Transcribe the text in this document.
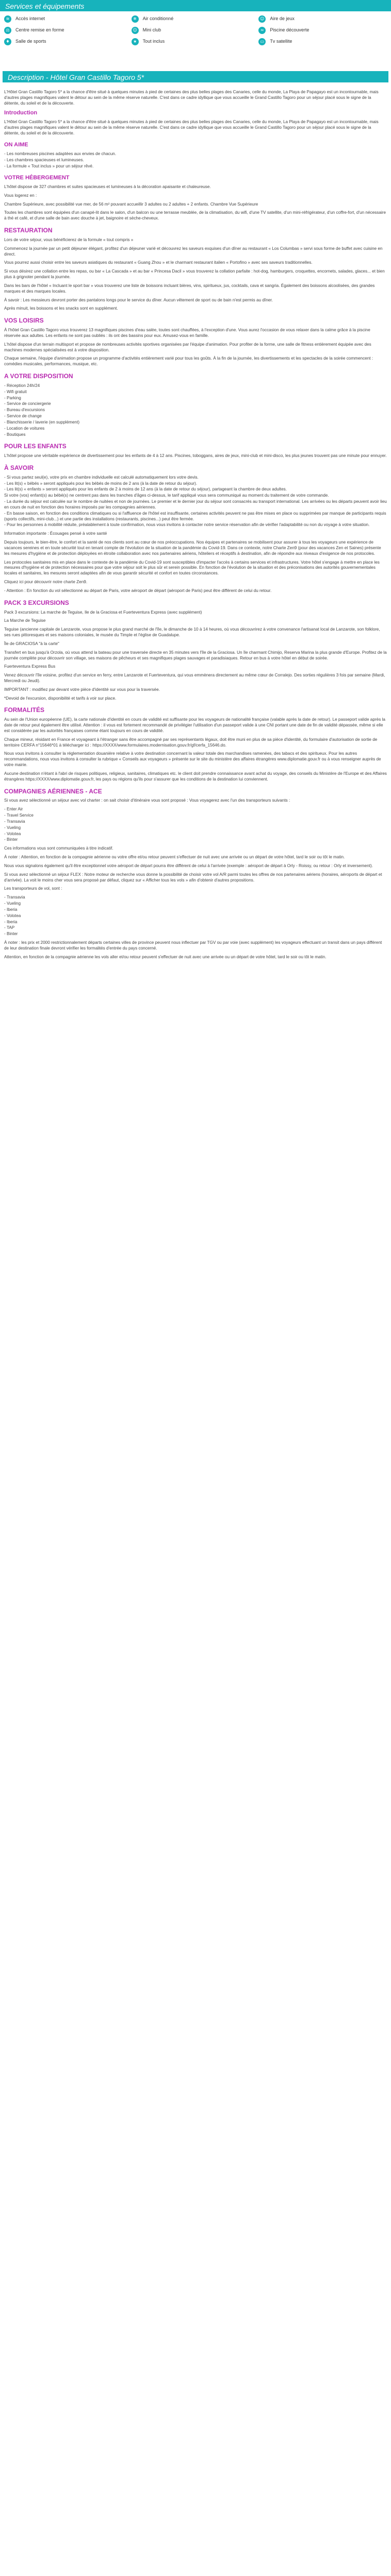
Services et équipements
≋	Accès internet	❄	Air conditionné	☺	Aire de jeux
⚖	Centre remise en forme	☺	Mini club	≈	Piscine découverte
♦	Salle de sports	★	Tout inclus	▭	Tv satellite
Description - Hôtel Gran Castillo Tagoro 5*

L'Hôtel Gran Castillo Tagoro 5* a la chance d'être situé à quelques minutes à pied de certaines des plus belles plages des Canaries, celle du monde, La Playa de Papagayo est un incontournable, mais d'autres plages magnifiques valent le détour au sein de la même réserve naturelle. C'est dans ce cadre idyllique que vous accueille le Grand Castillo Tagoro pour un séjour placé sous le signe de la détente, du soleil et de la découverte.

Introduction

L'Hôtel Gran Castillo Tagoro 5* a la chance d'être situé à quelques minutes à pied de certaines des plus belles plages des Canaries, celle du monde, La Playa de Papagayo est un incontournable, mais d'autres plages magnifiques valent le détour au sein de la même réserve naturelle. C'est dans ce cadre idyllique que vous accueille le Grand Castillo Tagoro pour un séjour placé sous le signe de la détente, du soleil et de la découverte.

ON AIME
- Les nombreuses piscines adaptées aux envies de chacun.
- Les chambres spacieuses et lumineuses.
- La formule « Tout inclus » pour un séjour rêvé.
VOTRE HÉBERGEMENT

L'hôtel dispose de 327 chambres et suites spacieuses et lumineuses à la décoration apaisante et chaleureuse.

Vous logerez en :

Chambre Supérieure, avec possibilité vue mer, de 56 m² pouvant accueillir 3 adultes ou 2 adultes + 2 enfants. Chambre Vue Supérieure

Toutes les chambres sont équipées d'un canapé-lit dans le salon, d'un balcon ou une terrasse meublée, de la climatisation, du wifi, d'une TV satellite, d'un mini-réfrigérateur, d'un coffre-fort, d'un nécessaire à thé et café, et d'une salle de bain avec douche à jet, baignoire et sèche-cheveux.

RESTAURATION

Lors de votre séjour, vous bénéficierez de la formule « tout compris »

Commencez la journée par un petit déjeuner élégant, profitez d'un déjeuner varié et découvrez les saveurs exquises d'un dîner au restaurant « Los Columbas » servi sous forme de buffet avec cuisine en direct.

Vous pourrez aussi choisir entre les saveurs asiatiques du restaurant « Guang Zhou » et le charmant restaurant italien « Portofino » avec ses saveurs traditionnelles.

Si vous désirez une collation entre les repas, ou bar « La Cascada » et au bar « Princesa Dacil » vous trouverez la collation parfaite : hot-dog, hamburgers, croquettes, encornets, salades, glaces... et bien plus à grignoter pendant la journée.

Dans les bars de l'hôtel « Incluant le sport bar » vous trouverez une liste de boissons incluant bières, vins, spiritueux, jus, cocktails, cava et sangria. Également des boissons alcoolisées, des grandes marques et des marques locales.

À savoir : Les messieurs devront porter des pantalons longs pour le service du dîner. Aucun vêtement de sport ou de bain n'est permis au dîner.

Après minuit, les boissons et les snacks sont en supplément.

VOS LOISIRS

À l'hôtel Gran Castillo Tagoro vous trouverez 13 magnifiques piscines d'eau salée, toutes sont chauffées, à l'exception d'une. Vous aurez l'occasion de vous relaxer dans la calme grâce à la piscine réservée aux adultes. Les enfants ne sont pas oubliés : ils ont des bassins pour eux. Amusez-vous en famille.

L'hôtel dispose d'un terrain multisport et propose de nombreuses activités sportives organisées par l'équipe d'animation. Pour profiter de la forme, une salle de fitness entièrement équipée avec des machines modernes spécialisées est à votre disposition.

Chaque semaine, l'équipe d'animation propose un programme d'activités entièrement varié pour tous les goûts. À la fin de la journée, les divertissements et les spectacles de la soirée commencent : comédies musicales, performances, musique, etc.

A VOTRE DISPOSITION
- Réception 24h/24
- Wifi gratuit
- Parking
- Service de conciergerie
- Bureau d'excursions
- Service de change
- Blanchisserie / laverie (en supplément)
- Location de voitures
- Boutiques
POUR LES ENFANTS

L'hôtel propose une véritable expérience de divertissement pour les enfants de 4 à 12 ans. Piscines, toboggans, aires de jeux, mini-club et mini-disco, les plus jeunes trouvent pas une minute pour ennuyer.

À SAVOIR
- Si vous partez seul(e), votre prix en chambre individuelle est calculé automatiquement lors votre devis.
- Les lit(s) « bébés » seront appliqués pour les bébés de moins de 2 ans (à la date de retour du séjour).
- Les lit(s) « enfants » seront appliqués pour les enfants de 2 à moins de 12 ans (à la date de retour du séjour), partageant la chambre de deux adultes.
Si votre (vos) enfant(s) au bébé(s) ne centrent pas dans les tranches d'âges ci-dessus, le tarif appliqué vous sera communiqué au moment du traitement de votre commande.
- La durée du séjour est calculée sur le nombre de nuitées et non de journées. Le premier et le dernier jour du séjour sont consacrés au transport international. Les arrivées ou les départs peuvent avoir lieu en cours de nuit en fonction des horaires imposés par les compagnies aériennes.
- En basse saison, en fonction des conditions climatiques ou si l'affluence de l'hôtel est insuffisante, certaines activités peuvent ne pas être mises en place ou supprimées par manque de participants requis (sports collectifs, mini-club...) et une partie des installations (restaurants, piscines...) peut être fermée.
- Pour les personnes à mobilité réduite, préalablement à toute confirmation, nous vous invitons à contacter notre service réservation afin de vérifier l'adaptabilité ou non du voyage à votre situation.

Information importante : Écouages pensé à votre santé

Depuis toujours, le bien-être, le confort et la santé de nos clients sont au cœur de nos préoccupations. Nos équipes et partenaires se mobilisent pour assurer à tous les voyageurs une expérience de vacances sereines et en toute sécurité tout en tenant compte de l'évolution de la situation de la pandémie du Covid-19. Dans ce contexte, notre Charte Zen9 (pour des vacances Zen et Saines) présente les mesures d'hygiène et de protection déployées en étroite collaboration avec nos partenaires aériens, hôteliers et réceptifs à destination, afin de répondre aux niveaux d'exigence de nos protocoles.

Les protocoles sanitaires mis en place dans le contexte de la pandémie du Covid-19 sont susceptibles d'impacter l'accès à certains services et infrastructures. Votre hôtel s'engage à mettre en place les mesures d'hygiène et de protection nécessaires pour que votre séjour soit le plus sûr et serein possible. En fonction de l'évolution de la situation et des préconisations des autorités gouvernementales locales et sanitaires, les mesures seront adaptées afin de vous garantir sécurité et confort en toutes circonstances.

Cliquez ici pour découvrir notre charte Zen9.

- Attention : En fonction du vol sélectionné au départ de Paris, votre aéroport de départ (aéroport de Paris) peut être différent de celui du retour.

PACK 3 EXCURSIONS

Pack 3 excursions: La marche de Teguise, Ile de la Graciosa et Fuerteventura Express (avec supplément)

La Marche de Teguise

Teguise (ancienne capitale de Lanzarote, vous propose le plus grand marché de l'île, le dimanche de 10 à 14 heures, où vous découvrirez à votre convenance l'artisanat local de Lanzarote, son folklore, ses rues pittoresques et ses maisons coloniales, le musée du Timple et l'église de Guadalupe.

Île de GRACIOSA "à la carte"

Transfert en bus jusqu'à Orzola, où vous attend la bateau pour une traversée directe en 35 minutes vers l'île de la Graciosa. Un île charmant Chimijo, Reserva Marina la plus grande d'Europe. Profitez de la journée complète pour découvrir son village, ses maisons de pêcheurs et ses magnifiques plages sauvages et paradisiaques. Retour en bus à votre hôtel en début de soirée.

Fuerteventura Express Bus

Venez découvrir l'île voisine, profitez d'un service en ferry, entre Lanzarote et Fuerteventura, qui vous emmènera directement au même cœur de Corralejo. Des sorties régulières 3 fois par semaine (Mardi, Mercredi ou Jeudi).

IMPORTANT : modifiez par devant votre pièce d'identité sur vous pour la traversée.

*Devoid de l'excursion, disponibilité et tarifs à voir sur place.

FORMALITÉS

Au sein de l'Union européenne (UE), la carte nationale d'identité en cours de validité est suffisante pour les voyageurs de nationalité française (valable après la date de retour). Le passeport valide après la date de retour peut également être utilisé. Attention : il vous est fortement recommandé de privilégier l'utilisation d'un passeport valide à une CNI portant une date de fin de validité dépassée, même si elle est considérée par les autorités françaises comme étant toujours en cours de validité.

Chaque mineur, résidant en France et voyageant à l'étranger sans être accompagné par ses représentants légaux, doit être muni en plus de sa pièce d'identité, du formulaire d'autorisation de sortie de territoire CERFA n°15646*01 à télécharger ici : https://XXXX/www.formulaires.modernisation.gouv.fr/gf/cerfa_15646.do.

Nous vous invitons à consulter la réglementation douanière relative à votre destination concernant la valeur totale des marchandises ramenées, des tabacs et des spiritueux. Pour les autres recommandations, nous vous invitons à consulter la rubrique « Conseils aux voyageurs » présente sur le site du ministère des affaires étrangères www.diplomatie.gouv.fr ou à vous renseigner auprès de votre mairie.

Aucune destination n'étant à l'abri de risques politiques, religieux, sanitaires, climatiques etc. le client doit prendre connaissance avant achat du voyage, des conseils du Ministère de l'Europe et des Affaires étrangères https://XXXX/www.diplomatie.gouv.fr, les pays ou régions qu'ils pour s'assurer que les conditions de la destination lui conviennent.

COMPAGNIES AÉRIENNES - ACE

Si vous avez sélectionné un séjour avec vol charter : on sait choisir d'itinéraire vous sont proposé : Vous voyagerez avec l'un des transporteurs suivants :

- Enter Air
- Travel Service
- Transavia
- Vueling
- Volotea
- Binter

Ces informations vous sont communiquées à titre indicatif.

À noter : Attention, en fonction de la compagnie aérienne ou votre offre et/ou retour peuvent s'effectuer de nuit avec une arrivée ou un départ de votre hôtel, tard le soir ou tôt le matin.

Nous vous signalons également qu'il être exceptionnel votre aéroport de départ pourra être différent de celui à l'arrivée (exemple : aéroport de départ à Orly - Roissy, ou retour : Orly et inversement).

Si vous avez sélectionné un séjour FLEX : Notre moteur de recherche vous donne la possibilité de choisir votre vol A/R parmi toutes les offres de nos partenaires aériens (horaires, aéroports de départ et d'arrivée). La voit le moins cher vous sera proposé par défaut, cliquez sur « Afficher tous les vols » afin d'obtenir d'autres propositions.

Les transporteurs de vol, sont :

- Transavia
- Vueling
- Iberia
- Volotea
- Iberia
- TAP
- Binter

À noter : les prix et 2000 restrictionnalement départs certaines villes de province peuvent nous inflectuer par TGV ou par voie (avec supplément) les voyageurs effectuant un transit dans un pays différent de leur destination finale devront vérifier les formalités d'entrée du pays concerné.

Attention, en fonction de la compagnie aérienne les vols aller et/ou retour peuvent s'effectuer de nuit avec une arrivée ou un départ de votre hôtel, tard le soir ou tôt le matin.
